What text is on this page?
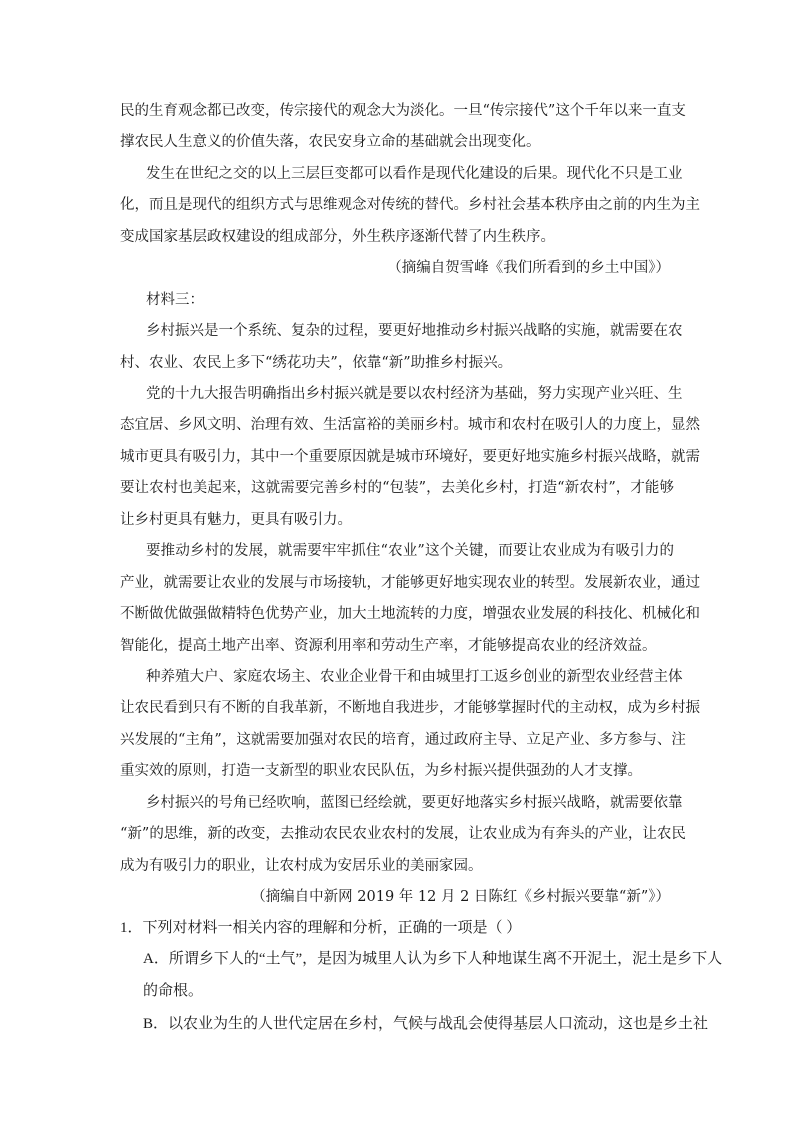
民的生育观念都已改变，传宗接代的观念大为淡化。一旦“传宗接代”这个千年以来一直支
撑农民人生意义的价值失落，农民安身立命的基础就会出现变化。
发生在世纪之交的以上三层巨变都可以看作是现代化建设的后果。现代化不只是工业
化，而且是现代的组织方式与思维观念对传统的替代。乡村社会基本秩序由之前的内生为主
变成国家基层政权建设的组成部分，外生秩序逐渐代替了内生秩序。
（摘编自贺雪峰《我们所看到的乡土中国》）
材料三：
乡村振兴是一个系统、复杂的过程，要更好地推动乡村振兴战略的实施，就需要在农
村、农业、农民上多下“绣花功夫”，依靠“新”助推乡村振兴。
党的十九大报告明确指出乡村振兴就是要以农村经济为基础，努力实现产业兴旺、生
态宜居、乡风文明、治理有效、生活富裕的美丽乡村。城市和农村在吸引人的力度上，显然
城市更具有吸引力，其中一个重要原因就是城市环境好，要更好地实施乡村振兴战略，就需
要让农村也美起来，这就需要完善乡村的“包装”，去美化乡村，打造“新农村”，才能够
让乡村更具有魅力，更具有吸引力。
要推动乡村的发展，就需要牢牢抓住“农业”这个关键，而要让农业成为有吸引力的
产业，就需要让农业的发展与市场接轨，才能够更好地实现农业的转型。发展新农业，通过
不断做优做强做精特色优势产业，加大土地流转的力度，增强农业发展的科技化、机械化和
智能化，提高土地产出率、资源利用率和劳动生产率，才能够提高农业的经济效益。
种养殖大户、家庭农场主、农业企业骨干和由城里打工返乡创业的新型农业经营主体
让农民看到只有不断的自我革新，不断地自我进步，才能够掌握时代的主动权，成为乡村振
兴发展的“主角”，这就需要加强对农民的培育，通过政府主导、立足产业、多方参与、注
重实效的原则，打造一支新型的职业农民队伍，为乡村振兴提供强劲的人才支撑。
乡村振兴的号角已经吹响，蓝图已经绘就，要更好地落实乡村振兴战略，就需要依靠
“新”的思维，新的改变，去推动农民农业农村的发展，让农业成为有奔头的产业，让农民
成为有吸引力的职业，让农村成为安居乐业的美丽家园。
（摘编自中新网 2019 年 12 月 2 日陈红《乡村振兴要靠“新”》）
1．下列对材料一相关内容的理解和分析，正确的一项是（ ）
A．所谓乡下人的“土气”，是因为城里人认为乡下人种地谋生离不开泥土，泥土是乡下人
的命根。
B．以农业为生的人世代定居在乡村，气候与战乱会使得基层人口流动，这也是乡土社
